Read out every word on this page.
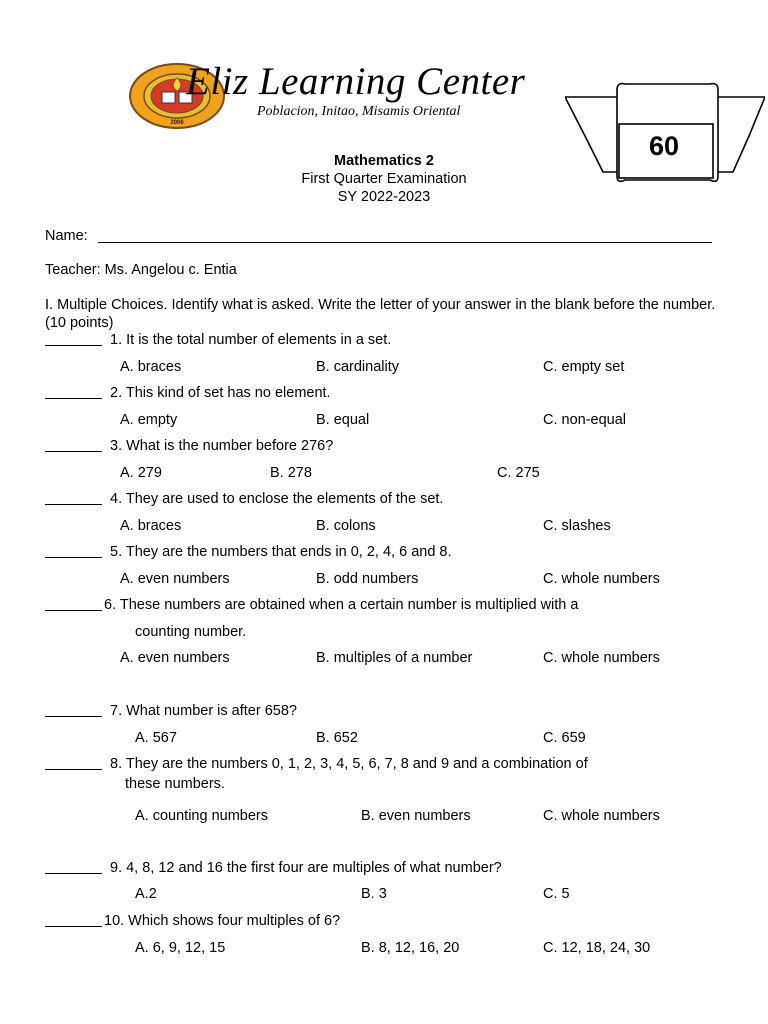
2006
Eliz Learning Center
Poblacion, Initao, Misamis Oriental
60
Mathematics 2
First Quarter Examination
SY 2022-2023
Name:
Teacher: Ms. Angelou c. Entia
I. Multiple Choices. Identify what is asked. Write the letter of your answer in the blank before the number. (10 points)
1. It is the total number of elements in a set.
A. braces	B. cardinality	C. empty set
2. This kind of set has no element.
A. empty	B. equal	C. non-equal
3. What is the number before 276?
A. 279	B. 278	C. 275
4. They are used to enclose the elements of the set.
A. braces	B. colons	C. slashes
5. They are the numbers that ends in 0, 2, 4, 6 and 8.
A. even numbers	B. odd numbers	C. whole numbers
6. These numbers are obtained when a certain number is multiplied with a
counting number.
A. even numbers	B. multiples of a number	C. whole numbers
7. What number is after 658?
A. 567	B. 652	C. 659
8. They are the numbers 0, 1, 2, 3, 4, 5, 6, 7, 8 and 9 and a combination of
these numbers.
A. counting numbers	B. even numbers	C. whole numbers
9. 4, 8, 12 and 16 the first four are multiples of what number?
A.2	B. 3	C. 5
10. Which shows four multiples of 6?
A. 6, 9, 12, 15	B. 8, 12, 16, 20	C. 12, 18, 24, 30
